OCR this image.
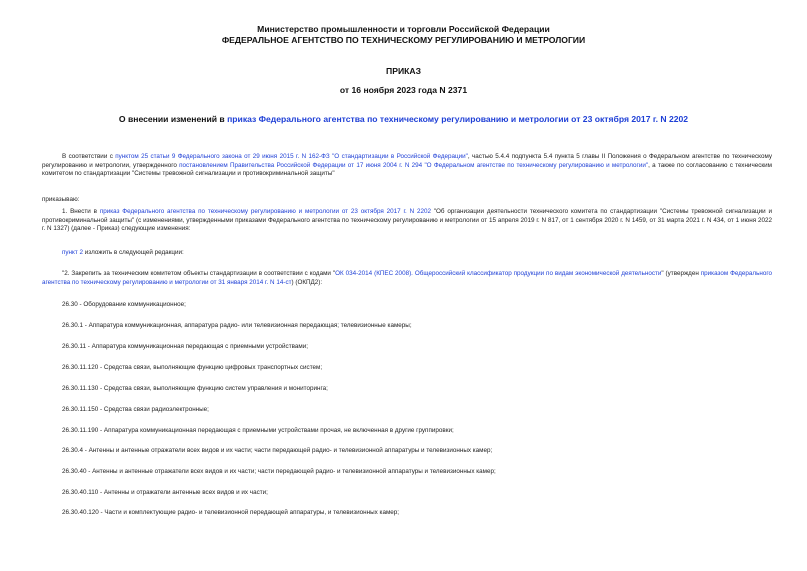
Министерство промышленности и торговли Российской Федерации
ФЕДЕРАЛЬНОЕ АГЕНТСТВО ПО ТЕХНИЧЕСКОМУ РЕГУЛИРОВАНИЮ И МЕТРОЛОГИИ
ПРИКАЗ
от 16 ноября 2023 года N 2371
О внесении изменений в приказ Федерального агентства по техническому регулированию и метрологии от 23 октября 2017 г. N 2202
В соответствии с пунктом 25 статьи 9 Федерального закона от 29 июня 2015 г. N 162-ФЗ "О стандартизации в Российской Федерации", частью 5.4.4 подпункта 5.4 пункта 5 главы II Положения о Федеральном агентстве по техническому регулированию и метрологии, утвержденного постановлением Правительства Российской Федерации от 17 июня 2004 г. N 294 "О Федеральном агентстве по техническому регулированию и метрологии", а также по согласованию с техническим комитетом по стандартизации "Системы тревожной сигнализации и противокриминальной защиты"
приказываю:
1. Внести в приказ Федерального агентства по техническому регулированию и метрологии от 23 октября 2017 г. N 2202 "Об организации деятельности технического комитета по стандартизации "Системы тревожной сигнализации и противокриминальной защиты" (с изменениями, утвержденными приказами Федерального агентства по техническому регулированию и метрологии от 15 апреля 2019 г. N 817, от 1 сентября 2020 г. N 1459, от 31 марта 2021 г. N 434, от 1 июня 2022 г. N 1327) (далее - Приказ) следующие изменения:
пункт 2 изложить в следующей редакции:
"2. Закрепить за техническим комитетом объекты стандартизации в соответствии с кодами "ОК 034-2014 (КПЕС 2008). Общероссийский классификатор продукции по видам экономической деятельности" (утвержден приказом Федерального агентства по техническому регулированию и метрологии от 31 января 2014 г. N 14-ст) (ОКПД2):
26.30 - Оборудование коммуникационное;
26.30.1 - Аппаратура коммуникационная, аппаратура радио- или телевизионная передающая; телевизионные камеры;
26.30.11 - Аппаратура коммуникационная передающая с приемными устройствами;
26.30.11.120 - Средства связи, выполняющие функцию цифровых транспортных систем;
26.30.11.130 - Средства связи, выполняющие функцию систем управления и мониторинга;
26.30.11.150 - Средства связи радиоэлектронные;
26.30.11.190 - Аппаратура коммуникационная передающая с приемными устройствами прочая, не включенная в другие группировки;
26.30.4 - Антенны и антенные отражатели всех видов и их части; части передающей радио- и телевизионной аппаратуры и телевизионных камер;
26.30.40 - Антенны и антенные отражатели всех видов и их части; части передающей радио- и телевизионной аппаратуры и телевизионных камер;
26.30.40.110 - Антенны и отражатели антенные всех видов и их части;
26.30.40.120 - Части и комплектующие радио- и телевизионной передающей аппаратуры, и телевизионных камер;
